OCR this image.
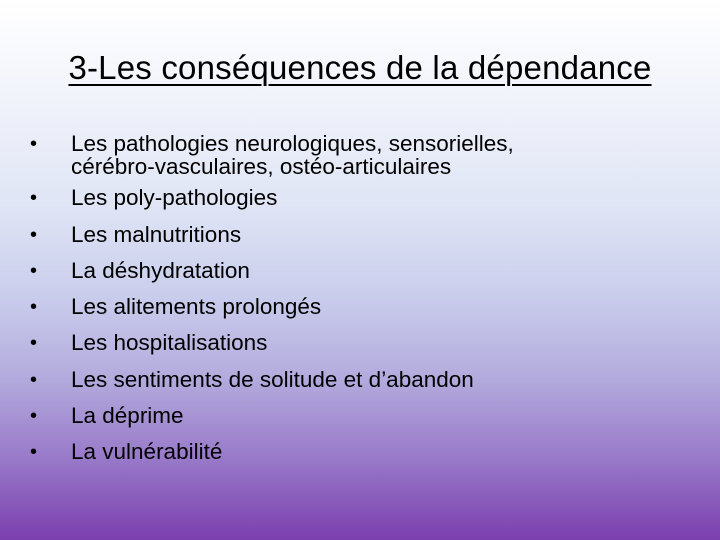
3-Les conséquences de la dépendance
• Les pathologies neurologiques, sensorielles,
cérébro-vasculaires, ostéo-articulaires
• Les poly-pathologies
• Les malnutritions
• La déshydratation
• Les alitements prolongés
• Les hospitalisations
• Les sentiments de solitude et d’abandon
• La déprime
• La vulnérabilité
